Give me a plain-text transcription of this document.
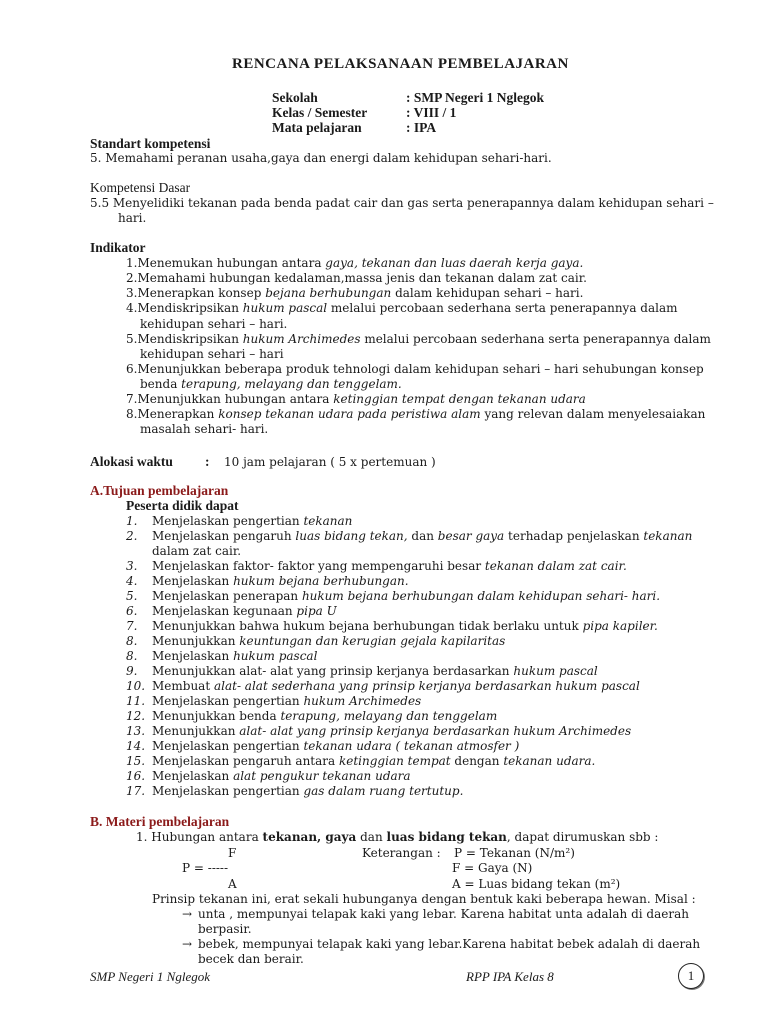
RENCANA PELAKSANAAN PEMBELAJARAN
Sekolah	: SMP Negeri 1 Nglegok
Kelas / Semester	: VIII / 1
Mata pelajaran	: IPA
Standart kompetensi
5. Memahami peranan usaha,gaya dan energi dalam kehidupan sehari-hari.
Kompetensi Dasar
5.5 Menyelidiki tekanan pada benda padat cair dan gas serta penerapannya dalam kehidupan sehari –
hari.
Indikator
1.Menemukan hubungan antara gaya, tekanan dan luas daerah kerja gaya.
2.Memahami hubungan kedalaman,massa jenis dan tekanan dalam zat cair.
3.Menerapkan konsep bejana berhubungan dalam kehidupan sehari – hari.
4.Mendiskripsikan hukum pascal melalui percobaan sederhana serta penerapannya dalam
kehidupan sehari – hari.
5.Mendiskripsikan hukum Archimedes melalui percobaan sederhana serta penerapannya dalam
kehidupan sehari – hari
6.Menunjukkan beberapa produk tehnologi dalam kehidupan sehari – hari sehubungan konsep
benda terapung, melayang dan tenggelam.
7.Menunjukkan hubungan antara ketinggian tempat dengan tekanan udara
8.Menerapkan konsep tekanan udara pada peristiwa alam yang relevan dalam menyelesaiakan
masalah sehari- hari.
Alokasi waktu : 10 jam pelajaran ( 5 x pertemuan )
A.Tujuan pembelajaran
Peserta didik dapat
1. Menjelaskan pengertian tekanan
2. Menjelaskan pengaruh luas bidang tekan, dan besar gaya terhadap penjelaskan tekanan
dalam zat cair.
3. Menjelaskan faktor- faktor yang mempengaruhi besar tekanan dalam zat cair.
4. Menjelaskan hukum bejana berhubungan.
5. Menjelaskan penerapan hukum bejana berhubungan dalam kehidupan sehari- hari.
6. Menjelaskan kegunaan pipa U
7. Menunjukkan bahwa hukum bejana berhubungan tidak berlaku untuk pipa kapiler.
8. Menunjukkan keuntungan dan kerugian gejala kapilaritas
8. Menjelaskan hukum pascal
9. Menunjukkan alat- alat yang prinsip kerjanya berdasarkan hukum pascal
10. Membuat alat- alat sederhana yang prinsip kerjanya berdasarkan hukum pascal
11. Menjelaskan pengertian hukum Archimedes
12. Menunjukkan benda terapung, melayang dan tenggelam
13. Menunjukkan alat- alat yang prinsip kerjanya berdasarkan hukum Archimedes
14. Menjelaskan pengertian tekanan udara ( tekanan atmosfer )
15. Menjelaskan pengaruh antara ketinggian tempat dengan tekanan udara.
16. Menjelaskan alat pengukur tekanan udara
17. Menjelaskan pengertian gas dalam ruang tertutup.
B. Materi pembelajaran
1. Hubungan antara tekanan, gaya dan luas bidang tekan, dapat dirumuskan sbb :
F
P = -----
A
Keterangan : P = Tekanan (N/m²)
F = Gaya (N)
A = Luas bidang tekan (m²)
Prinsip tekanan ini, erat sekali hubunganya dengan bentuk kaki beberapa hewan. Misal :
→ unta , mempunyai telapak kaki yang lebar. Karena habitat unta adalah di daerah
berpasir.
→ bebek, mempunyai telapak kaki yang lebar.Karena habitat bebek adalah di daerah
becek dan berair.
SMP Negeri 1 Nglegok	RPP IPA Kelas 8	1
